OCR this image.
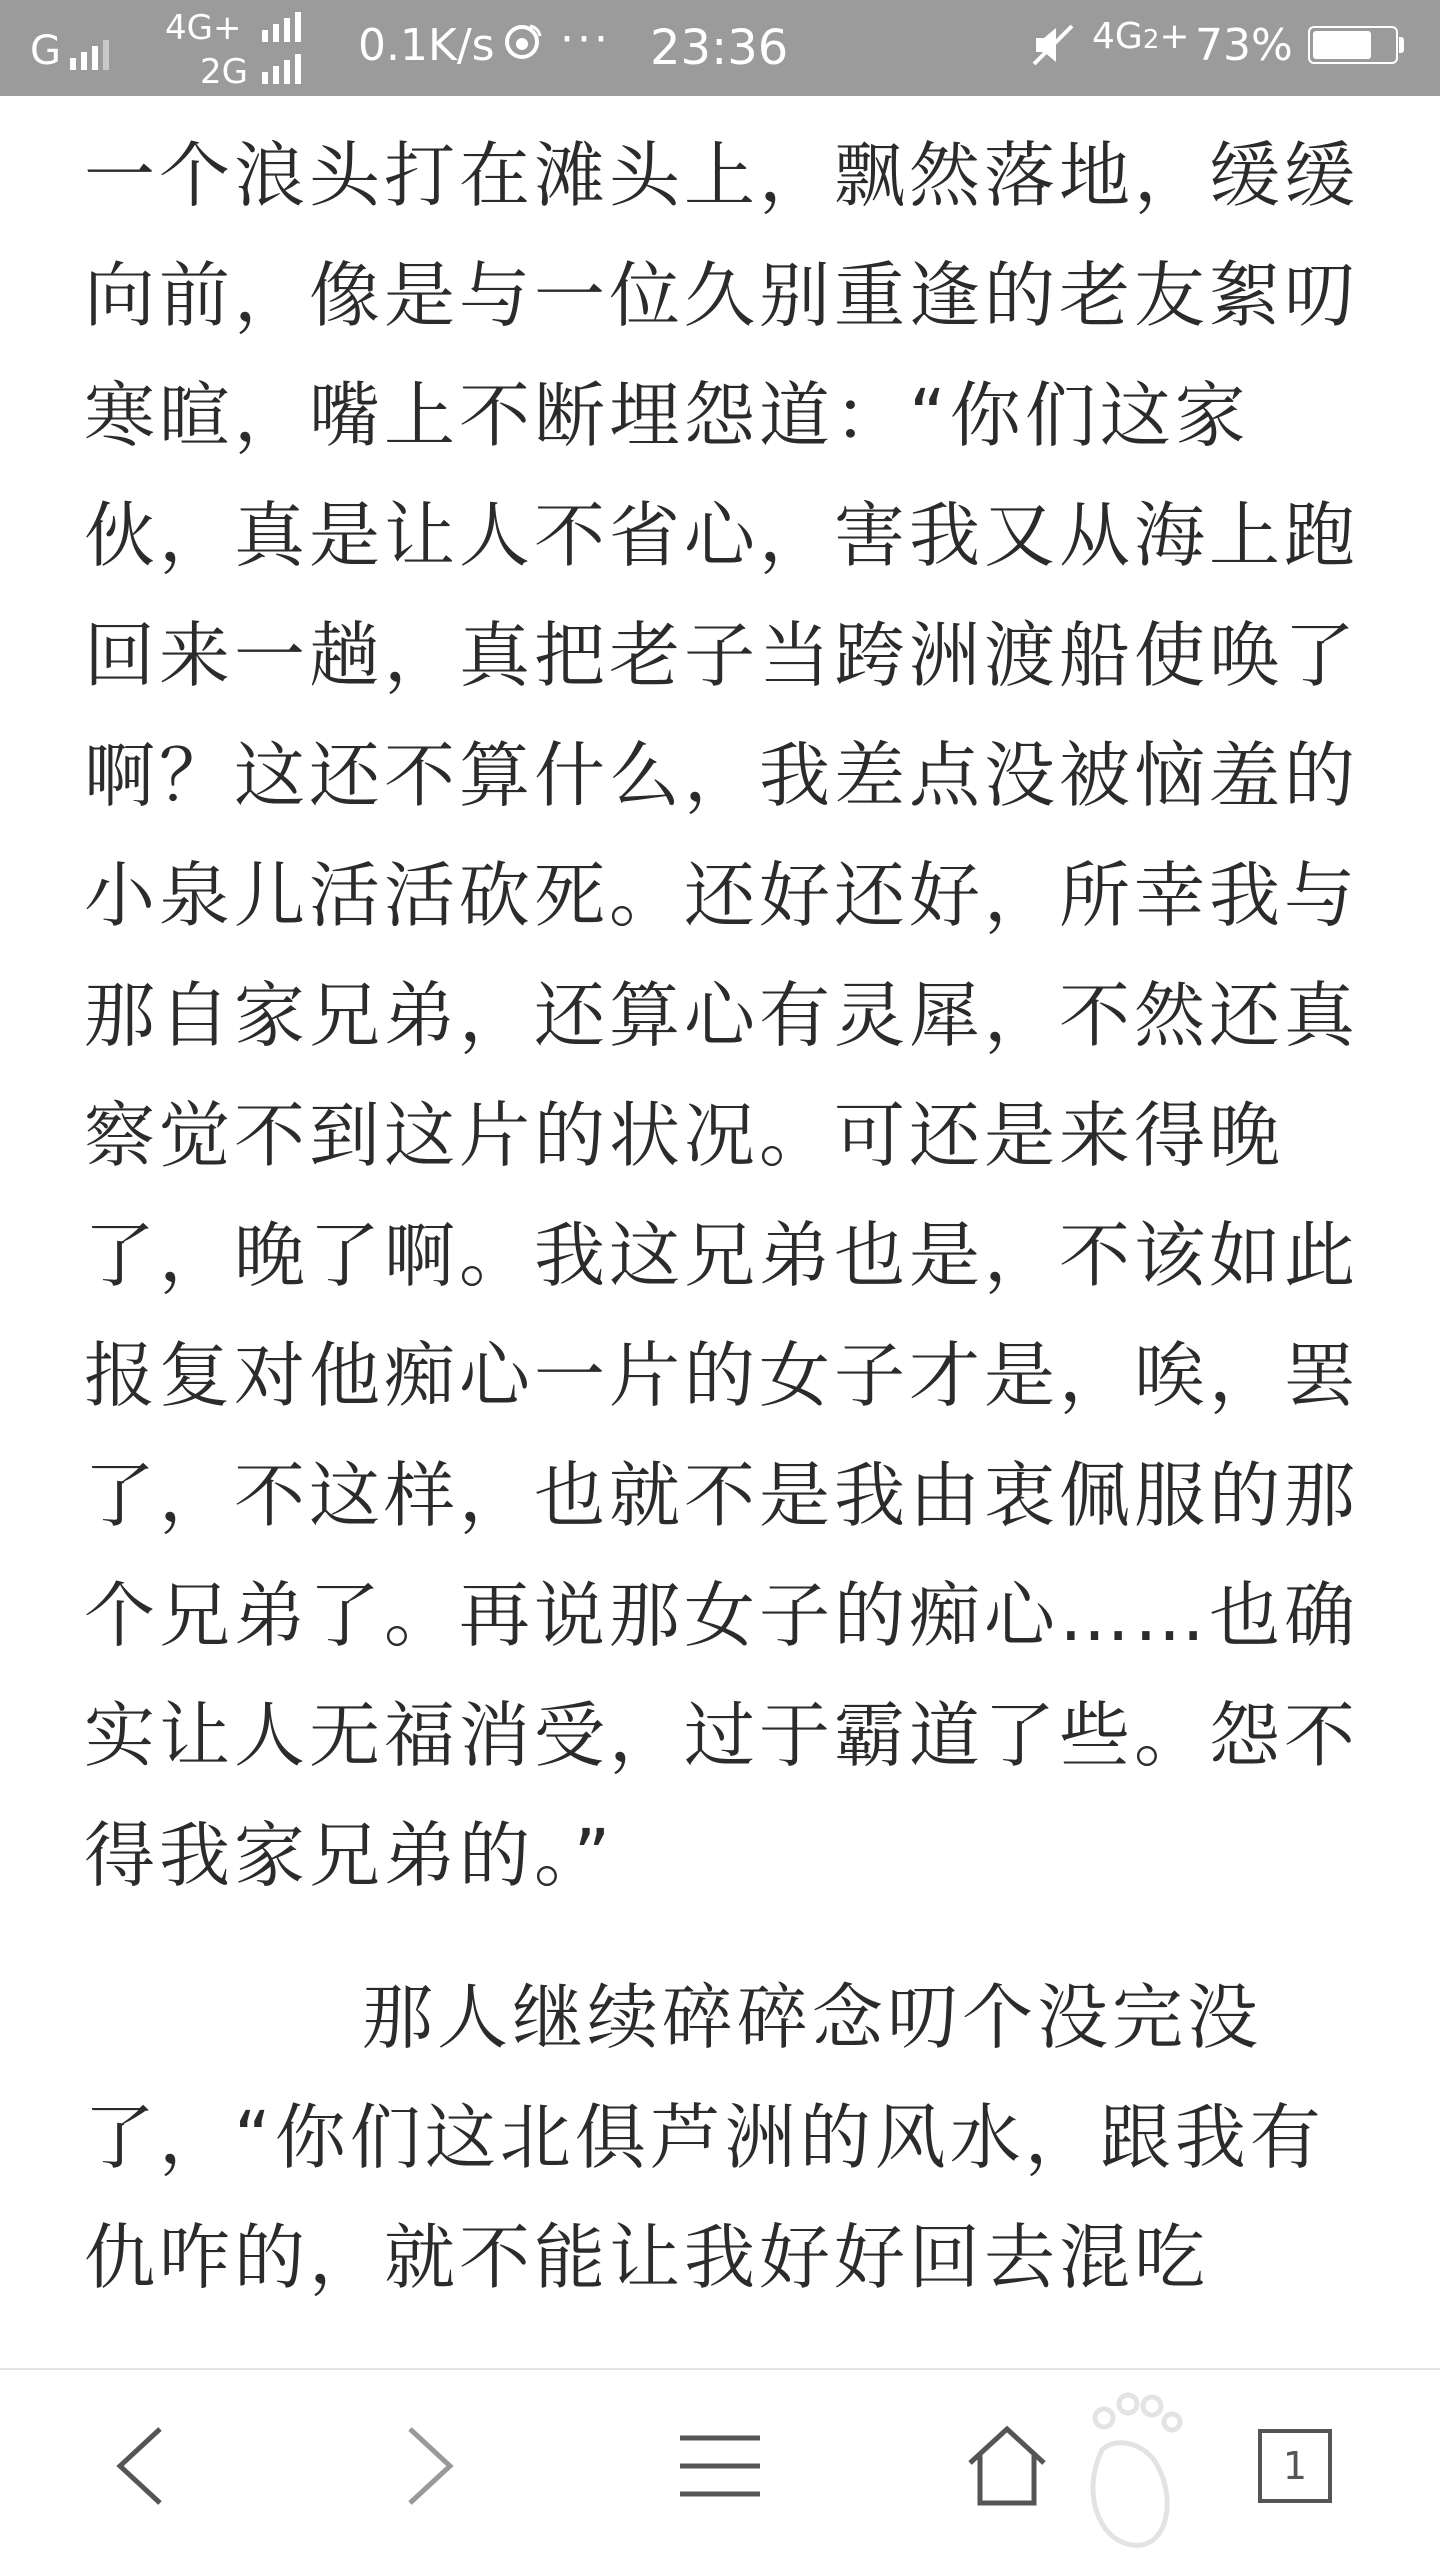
G	4G+
2G
0.1K/s ··· 23:36	4G2+ 73%

一个浪头打在滩头上，飘然落地，缓缓向前，像是与一位久别重逢的老友絮叨寒暄，嘴上不断埋怨道：“你们这家伙，真是让人不省心，害我又从海上跑回来一趟，真把老子当跨洲渡船使唤了啊？这还不算什么，我差点没被恼羞的小泉儿活活砍死。还好还好，所幸我与那自家兄弟，还算心有灵犀，不然还真察觉不到这片的状况。可还是来得晚了，晚了啊。我这兄弟也是，不该如此报复对他痴心一片的女子才是，唉，罢了，不这样，也就不是我由衷佩服的那个兄弟了。再说那女子的痴心……也确实让人无福消受，过于霸道了些。怨不得我家兄弟的。”

那人继续碎碎念叨个没完没了，“你们这北俱芦洲的风水，跟我有仇咋的，就不能让我好好回去混吃

1
